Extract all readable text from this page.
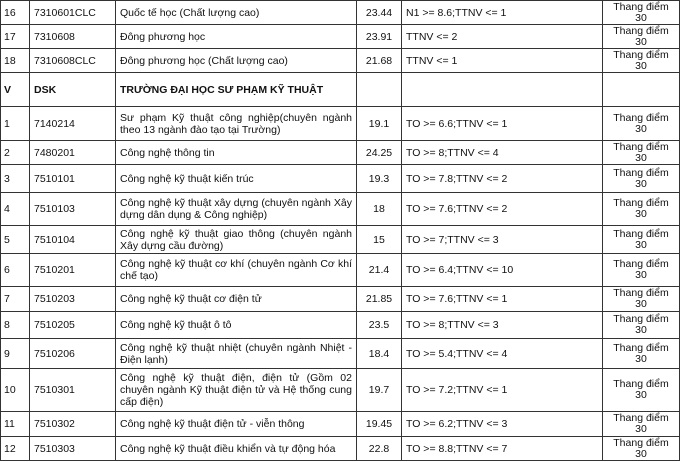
16	7310601CLC	Quốc tế học (Chất lượng cao)	23.44	N1 >= 8.6;TTNV <= 1	Thang điểm 30
17	7310608	Đông phương học	23.91	TTNV <= 2	Thang điểm 30
18	7310608CLC	Đông phương học (Chất lượng cao)	21.68	TTNV <= 1	Thang điểm 30
V	DSK	TRƯỜNG ĐẠI HỌC SƯ PHẠM KỸ THUẬT			
1	7140214	Sư phạm Kỹ thuật công nghiệp(chuyên ngành theo 13 ngành đào tạo tại Trường)	19.1	TO >= 6.6;TTNV <= 1	Thang điểm 30
2	7480201	Công nghệ thông tin	24.25	TO >= 8;TTNV <= 4	Thang điểm 30
3	7510101	Công nghệ kỹ thuật kiến trúc	19.3	TO >= 7.8;TTNV <= 2	Thang điểm 30
4	7510103	Công nghệ kỹ thuật xây dựng (chuyên ngành Xây dựng dân dụng & Công nghiệp)	18	TO >= 7.6;TTNV <= 2	Thang điểm 30
5	7510104	Công nghệ kỹ thuật giao thông (chuyên ngành Xây dựng cầu đường)	15	TO >= 7;TTNV <= 3	Thang điểm 30
6	7510201	Công nghệ kỹ thuật cơ khí (chuyên ngành Cơ khí chế tạo)	21.4	TO >= 6.4;TTNV <= 10	Thang điểm 30
7	7510203	Công nghệ kỹ thuật cơ điện tử	21.85	TO >= 7.6;TTNV <= 1	Thang điểm 30
8	7510205	Công nghệ kỹ thuật ô tô	23.5	TO >= 8;TTNV <= 3	Thang điểm 30
9	7510206	Công nghệ kỹ thuật nhiệt (chuyên ngành Nhiệt - Điện lạnh)	18.4	TO >= 5.4;TTNV <= 4	Thang điểm 30
10	7510301	Công nghệ kỹ thuật điện, điện tử (Gồm 02 chuyên ngành Kỹ thuật điện tử và Hệ thống cung cấp điện)	19.7	TO >= 7.2;TTNV <= 1	Thang điểm 30
11	7510302	Công nghệ kỹ thuật điện tử - viễn thông	19.45	TO >= 6.2;TTNV <= 3	Thang điểm 30
12	7510303	Công nghệ kỹ thuật điều khiển và tự động hóa	22.8	TO >= 8.8;TTNV <= 7	Thang điểm 30
